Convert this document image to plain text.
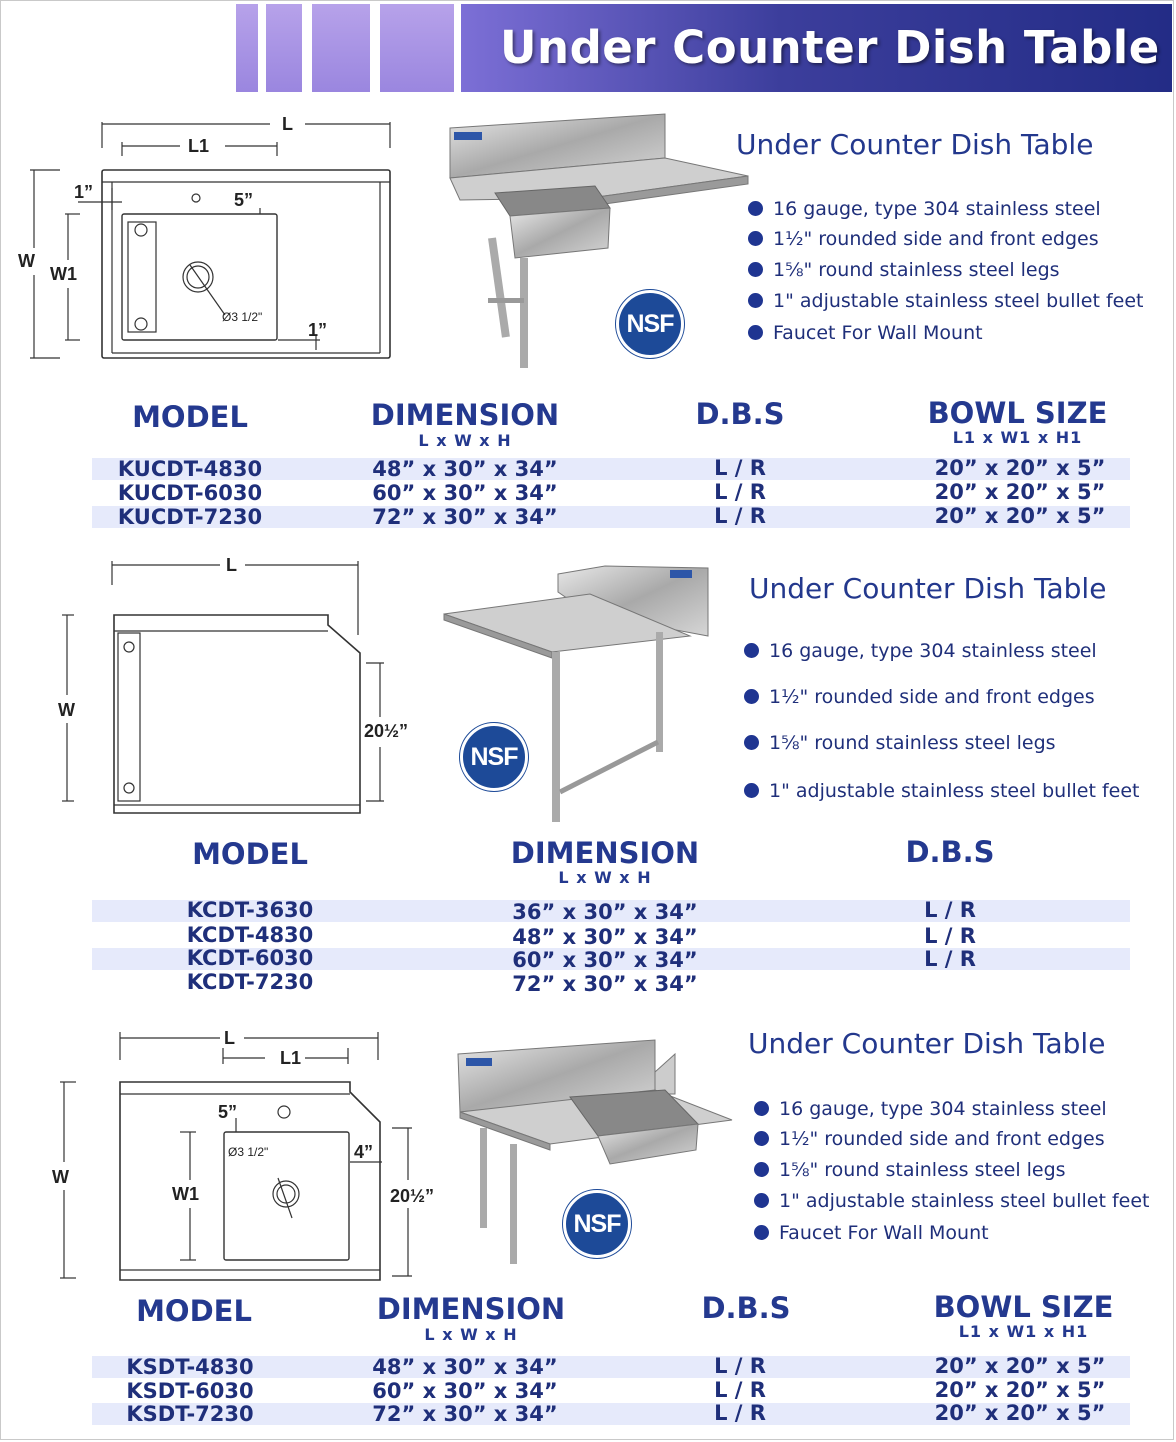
Under Counter Dish Table
L
L1
W
W1
1”	5”
1”
Ø3 1/2"	NSF
Under Counter Dish Table
16 gauge, type 304 stainless steel
1½" rounded side and front edges
1⅝" round stainless steel legs
1" adjustable stainless steel bullet feet
Faucet For Wall Mount
MODEL	DIMENSION
L x W x H
D.B.S	BOWL SIZE
L1 x W1 x H1
KUCDT-4830	48” x 30” x 34”	L / R	20” x 20” x 5”
KUCDT-6030	60” x 30” x 34”	L / R	20” x 20” x 5”
KUCDT-7230	72” x 30” x 34”	L / R	20” x 20” x 5”
L
W
20½”
NSF
Under Counter Dish Table
16 gauge, type 304 stainless steel
1½" rounded side and front edges
1⅝" round stainless steel legs
1" adjustable stainless steel bullet feet
MODEL	DIMENSION
L x W x H
D.B.S
KCDT-3630	36” x 30” x 34”	L / R
KCDT-4830	48” x 30” x 34”	L / R
KCDT-6030	60” x 30” x 34”	L / R
KCDT-7230	72” x 30” x 34”
L
L1
W
W1
5”
4”
20½”
Ø3 1/2"
NSF
Under Counter Dish Table
16 gauge, type 304 stainless steel
1½" rounded side and front edges
1⅝" round stainless steel legs
1" adjustable stainless steel bullet feet
Faucet For Wall Mount
MODEL	DIMENSION
L x W x H
D.B.S	BOWL SIZE
L1 x W1 x H1
KSDT-4830	48” x 30” x 34”	L / R	20” x 20” x 5”
KSDT-6030	60” x 30” x 34”	L / R	20” x 20” x 5”
KSDT-7230	72” x 30” x 34”	L / R	20” x 20” x 5”
